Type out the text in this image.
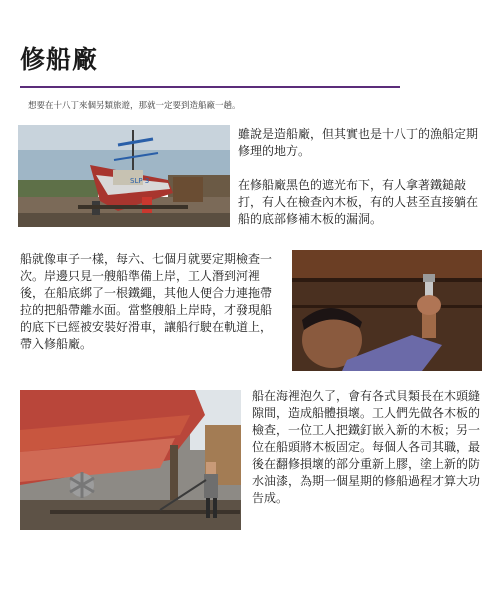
修船廠
想要在十八丁來個另類旅遊，那就一定要到造船廠一趟。
SLP 3
雖說是造船廠，但其實也是十八丁的漁船定期修理的地方。
在修船廠黑色的遮光布下，有人拿著鐵鎚敲打，有人在檢查內木板，有的人甚至直接躺在船的底部修補木板的漏洞。
船就像車子一樣，每六、七個月就要定期檢查一次。岸邊只見一艘船準備上岸，工人潛到河裡後，在船底綁了一根鐵繩，其他人便合力連拖帶拉的把船帶離水面。當整艘船上岸時，才發現船的底下已經被安裝好滑車，讓船行駛在軌道上，帶入修船廠。
船在海裡泡久了，會有各式貝類長在木頭縫隙間，造成船體損壞。工人們先做各木板的檢查，一位工人把鐵釘嵌入新的木板；另一位在船頭將木板固定。每個人各司其職，最後在翻修損壞的部分重新上膠，塗上新的防水油漆，為期一個星期的修船過程才算大功告成。
